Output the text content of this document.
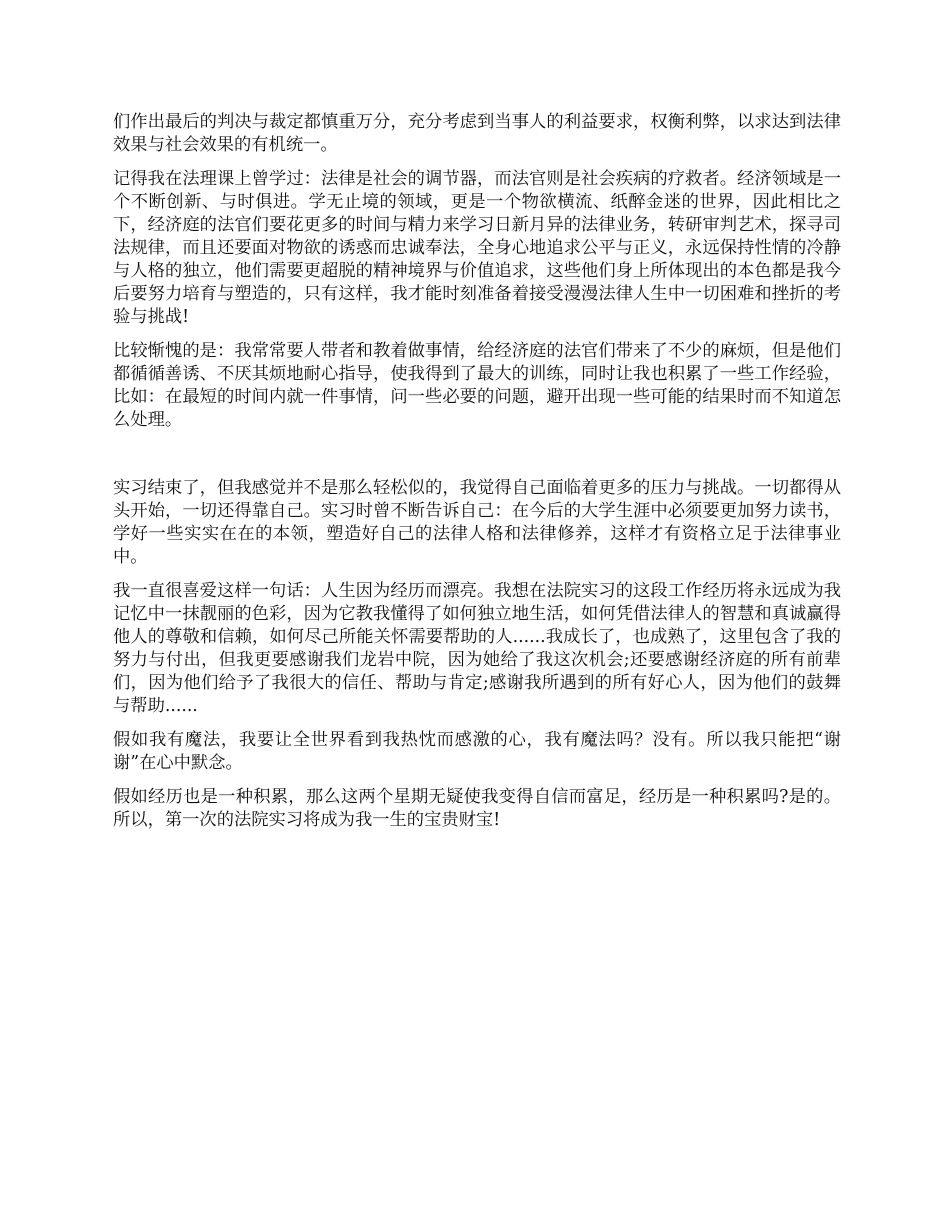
们作出最后的判决与裁定都慎重万分，充分考虑到当事人的利益要求，权衡利弊，以求达到法律效果与社会效果的有机统一。

记得我在法理课上曾学过：法律是社会的调节器，而法官则是社会疾病的疗救者。经济领域是一个不断创新、与时俱进。学无止境的领域，更是一个物欲横流、纸醉金迷的世界，因此相比之下，经济庭的法官们要花更多的时间与精力来学习日新月异的法律业务，转研审判艺术，探寻司法规律，而且还要面对物欲的诱惑而忠诚奉法，全身心地追求公平与正义，永远保持性情的冷静与人格的独立，他们需要更超脱的精神境界与价值追求，这些他们身上所体现出的本色都是我今后要努力培育与塑造的，只有这样，我才能时刻准备着接受漫漫法律人生中一切困难和挫折的考验与挑战!

比较惭愧的是：我常常要人带者和教着做事情，给经济庭的法官们带来了不少的麻烦，但是他们都循循善诱、不厌其烦地耐心指导，使我得到了最大的训练，同时让我也积累了一些工作经验，比如：在最短的时间内就一件事情，问一些必要的问题，避开出现一些可能的结果时而不知道怎么处理。

实习结束了，但我感觉并不是那么轻松似的，我觉得自己面临着更多的压力与挑战。一切都得从头开始，一切还得靠自己。实习时曾不断告诉自己：在今后的大学生涯中必须要更加努力读书，学好一些实实在在的本领，塑造好自己的法律人格和法律修养，这样才有资格立足于法律事业中。

我一直很喜爱这样一句话：人生因为经历而漂亮。我想在法院实习的这段工作经历将永远成为我记忆中一抹靓丽的色彩，因为它教我懂得了如何独立地生活，如何凭借法律人的智慧和真诚赢得他人的尊敬和信赖，如何尽己所能关怀需要帮助的人......我成长了，也成熟了，这里包含了我的努力与付出，但我更要感谢我们龙岩中院，因为她给了我这次机会;还要感谢经济庭的所有前辈们，因为他们给予了我很大的信任、帮助与肯定;感谢我所遇到的所有好心人，因为他们的鼓舞与帮助......

假如我有魔法，我要让全世界看到我热忱而感激的心，我有魔法吗？没有。所以我只能把“谢谢”在心中默念。

假如经历也是一种积累，那么这两个星期无疑使我变得自信而富足，经历是一种积累吗?是的。所以，第一次的法院实习将成为我一生的宝贵财宝!
